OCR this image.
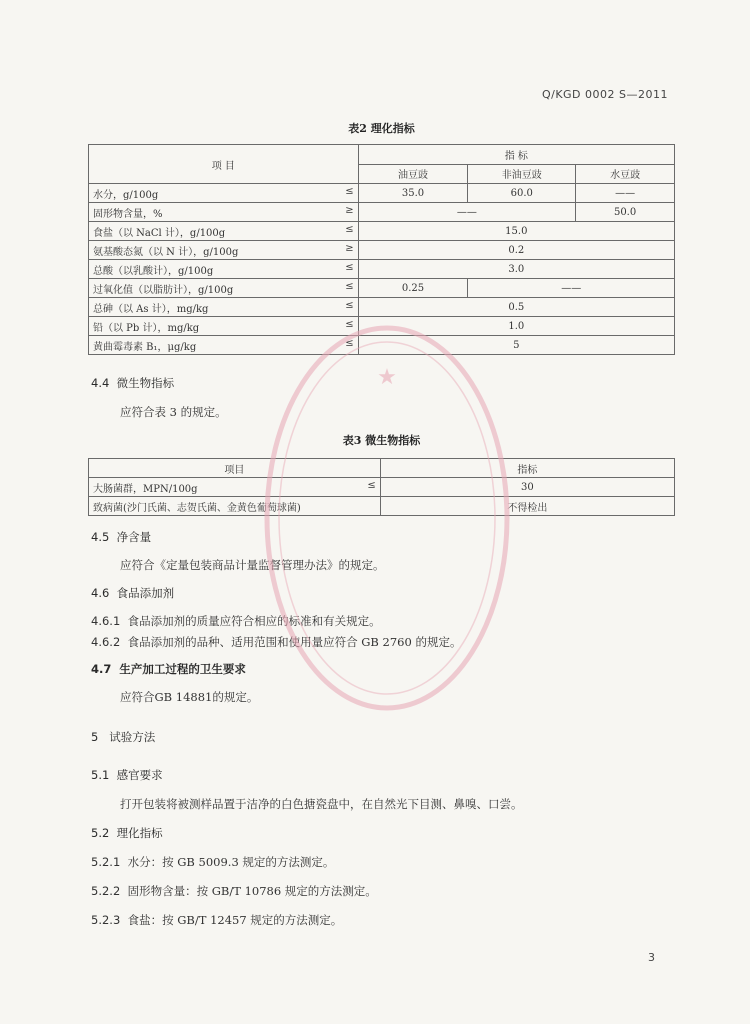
Q/KGD 0002 S—2011
表2 理化指标
项 目	指 标		
	油豆豉	非油豆豉	水豆豉
水分，g/100g ≤	35.0	60.0	——
固形物含量，% ≥	——		50.0
食盐（以 NaCl 计），g/100g ≤	15.0		
氨基酸态氮（以 N 计），g/100g ≥	0.2		
总酸（以乳酸计），g/100g ≤	3.0		
过氧化值（以脂肪计），g/100g ≤	0.25	——	
总砷（以 As 计），mg/kg ≤	0.5		
铅（以 Pb 计），mg/kg ≤	1.0		
黄曲霉毒素 B₁，μg/kg ≤	5		
4.4 微生物指标
应符合表 3 的规定。
表3 微生物指标
项目	指标
大肠菌群，MPN/100g ≤	30
致病菌(沙门氏菌、志贺氏菌、金黄色葡萄球菌)	不得检出
4.5 净含量
应符合《定量包装商品计量监督管理办法》的规定。
4.6 食品添加剂
4.6.1 食品添加剂的质量应符合相应的标准和有关规定。
4.6.2 食品添加剂的品种、适用范围和使用量应符合 GB 2760 的规定。
4.7 生产加工过程的卫生要求
应符合GB 14881的规定。
5 试验方法
5.1 感官要求
打开包装将被测样品置于洁净的白色搪瓷盘中，在自然光下目测、鼻嗅、口尝。
5.2 理化指标
5.2.1 水分：按 GB 5009.3 规定的方法测定。
5.2.2 固形物含量：按 GB/T 10786 规定的方法测定。
5.2.3 食盐：按 GB/T 12457 规定的方法测定。
3
★
